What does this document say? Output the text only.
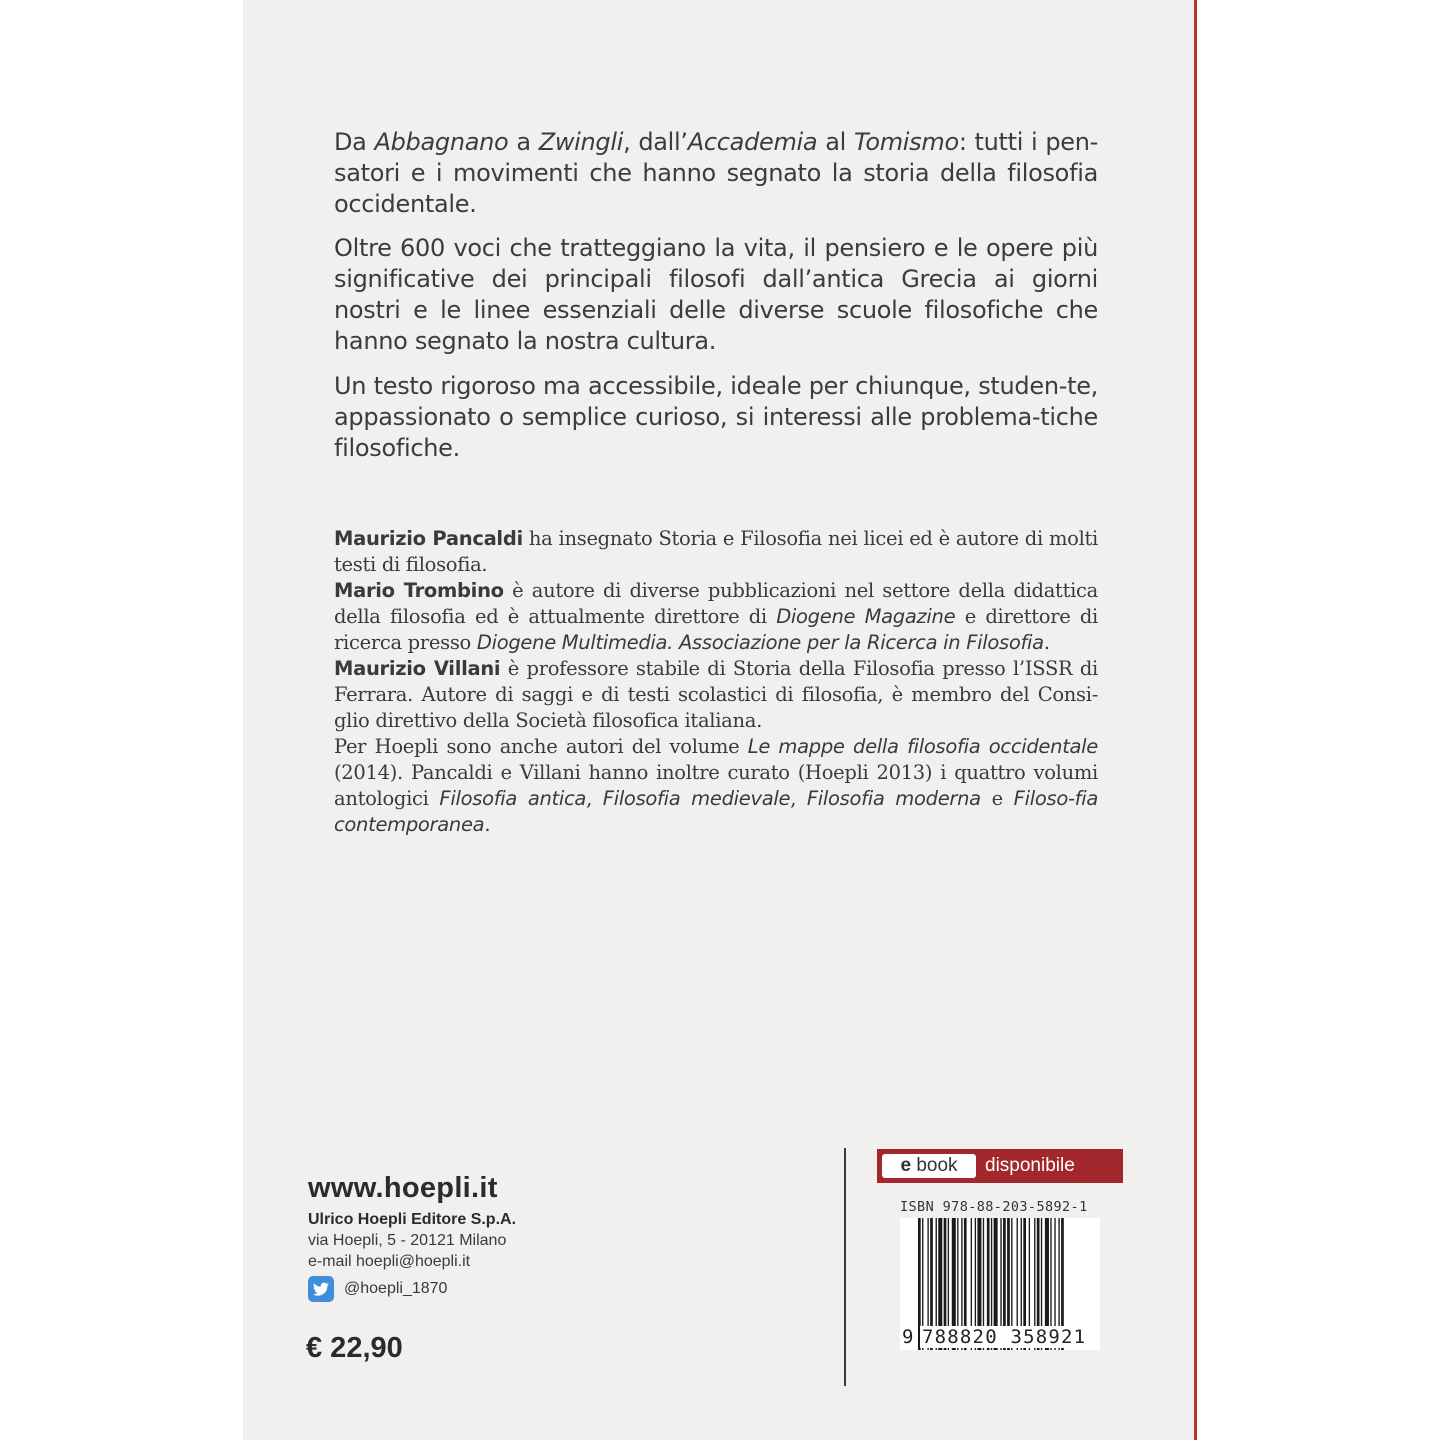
Da Abbagnano a Zwingli, dall’Accademia al Tomismo: tutti i pen-satori e i movimenti che hanno segnato la storia della filosofia occidentale.

Oltre 600 voci che tratteggiano la vita, il pensiero e le opere più significative dei principali filosofi dall’antica Grecia ai giorni nostri e le linee essenziali delle diverse scuole filosofiche che hanno segnato la nostra cultura.

Un testo rigoroso ma accessibile, ideale per chiunque, studen-te, appassionato o semplice curioso, si interessi alle problema-tiche filosofiche.

Maurizio Pancaldi ha insegnato Storia e Filosofia nei licei ed è autore di molti testi di filosofia.

Mario Trombino è autore di diverse pubblicazioni nel settore della didattica della filosofia ed è attualmente direttore di Diogene Magazine e direttore di ricerca presso Diogene Multimedia. Associazione per la Ricerca in Filosofia.

Maurizio Villani è professore stabile di Storia della Filosofia presso l’ISSR di Ferrara. Autore di saggi e di testi scolastici di filosofia, è membro del Consi-glio direttivo della Società filosofica italiana.

Per Hoepli sono anche autori del volume Le mappe della filosofia occidentale (2014). Pancaldi e Villani hanno inoltre curato (Hoepli 2013) i quattro volumi antologici Filosofia antica, Filosofia medievale, Filosofia moderna e Filoso-fia contemporanea.

www.hoepli.it

Ulrico Hoepli Editore S.p.A.

via Hoepli, 5 - 20121 Milano

e-mail hoepli@hoepli.it

@hoepli_1870

€ 22,90

e book	disponibile

ISBN 978-88-203-5892-1

9 788820 358921
